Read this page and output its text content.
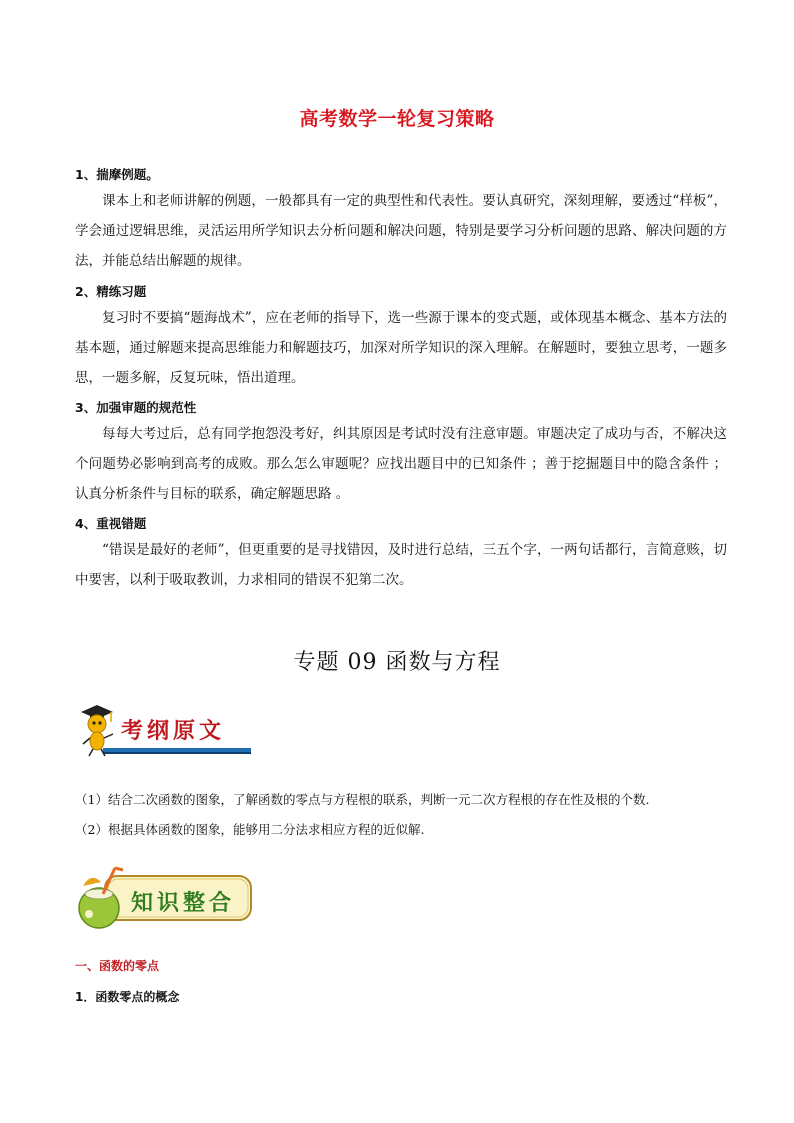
高考数学一轮复习策略
1、揣摩例题。
课本上和老师讲解的例题，一般都具有一定的典型性和代表性。要认真研究，深刻理解，要透过“样板”，学会通过逻辑思维，灵活运用所学知识去分析问题和解决问题，特别是要学习分析问题的思路、解决问题的方法，并能总结出解题的规律。
2、精练习题
复习时不要搞“题海战术”，应在老师的指导下，选一些源于课本的变式题，或体现基本概念、基本方法的基本题，通过解题来提高思维能力和解题技巧，加深对所学知识的深入理解。在解题时，要独立思考，一题多思，一题多解，反复玩味，悟出道理。
3、加强审题的规范性
每每大考过后，总有同学抱怨没考好，纠其原因是考试时没有注意审题。审题决定了成功与否，不解决这个问题势必影响到高考的成败。那么怎么审题呢？应找出题目中的已知条件 ；善于挖掘题目中的隐含条件 ；认真分析条件与目标的联系，确定解题思路 。
4、重视错题
“错误是最好的老师”，但更重要的是寻找错因，及时进行总结，三五个字，一两句话都行，言简意赅，切中要害，以利于吸取教训，力求相同的错误不犯第二次。
专题 09 函数与方程
考纲原文
（1）结合二次函数的图象，了解函数的零点与方程根的联系，判断一元二次方程根的存在性及根的个数.
（2）根据具体函数的图象，能够用二分法求相应方程的近似解.
知识整合
一、函数的零点
1．函数零点的概念
